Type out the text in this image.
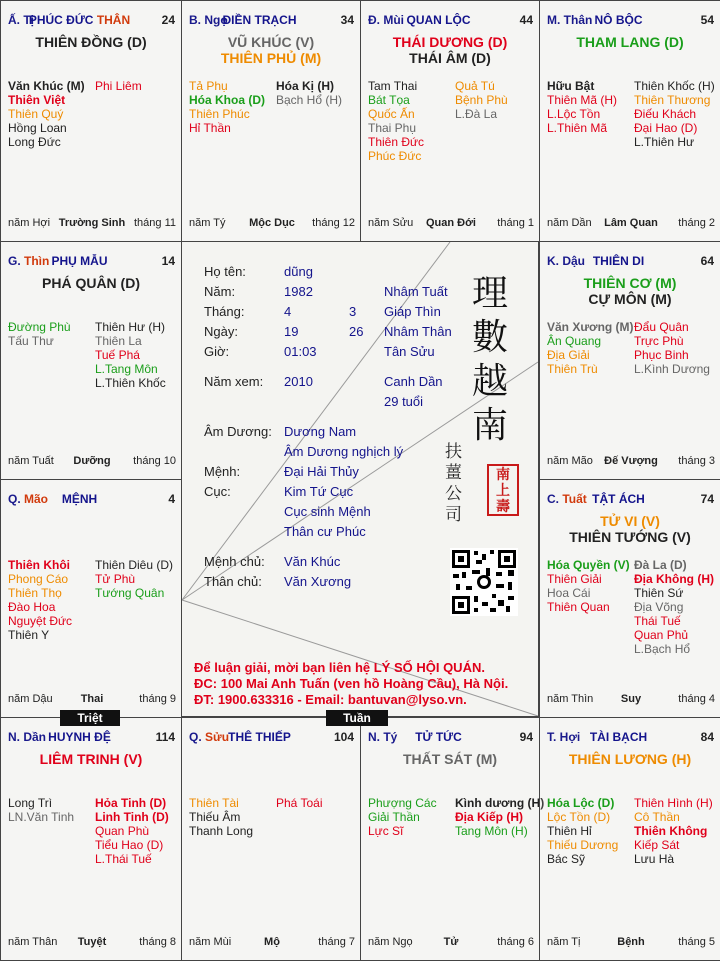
Ấ. Tị
PHÚC ĐỨC THÂN	24
THIÊN ĐỒNG (D)
Văn Khúc (M)
Thiên Việt
Thiên Quý
Hồng Loan
Long Đức
Phi Liêm
năm Hợi Trường Sinh tháng 11
B. Ngọ
ĐIỀN TRẠCH	34
VŨ KHÚC (V)
THIÊN PHỦ (M)
Tả Phụ
Hóa Khoa (D)
Thiên Phúc
Hỉ Thần
Hóa Kị (H)
Bạch Hổ (H)
năm Tý	Mộc Dục	tháng 12
Đ. Mùi QUAN LỘC	44
THÁI DƯƠNG (D)
THÁI ÂM (D)
Tam Thai
Bát Tọa
Quốc Ấn
Thai Phụ
Thiên Đức
Phúc Đức
Quả Tú
Bệnh Phù
L.Đà La
năm Sửu	Quan Đới	tháng 1
M. Thân NÔ BỘC	54
THAM LANG (D)
Hữu Bật
Thiên Mã (H)
L.Lộc Tồn
L.Thiên Mã
Thiên Khốc (H)
Thiên Thương
Điếu Khách
Đại Hao (D)
L.Thiên Hư
năm Dần	Lâm Quan	tháng 2
G. Thìn PHỤ MẪU	14
PHÁ QUÂN (D)
Đường Phù
Tấu Thư
Thiên Hư (H)
Thiên La
Tuế Phá
L.Tang Môn
L.Thiên Khốc
năm Tuất	Dưỡng	tháng 10
K. Dậu THIÊN DI	64
THIÊN CƠ (M)
CỰ MÔN (M)
Văn Xương (M)
Ân Quang
Địa Giải
Thiên Trù
Đẩu Quân
Trực Phù
Phục Binh
L.Kình Dương
năm Mão	Đế Vượng	tháng 3
Q. Mão	MỆNH	4
Thiên Khôi
Phong Cáo
Thiên Thọ
Đào Hoa
Nguyệt Đức
Thiên Y
Thiên Diêu (D)
Tử Phù
Tướng Quân
năm Dậu	Thai	tháng 9
C. Tuất TẬT ÁCH	74
TỬ VI (V)
THIÊN TƯỚNG (V)
Hóa Quyền (V)
Thiên Giải
Hoa Cái
Thiên Quan
Đà La (D)
Địa Không (H)
Thiên Sứ
Địa Võng
Thái Tuế
Quan Phủ
L.Bạch Hổ
năm Thìn	Suy	tháng 4
N. Dần HUYNH ĐỆ	114
LIÊM TRINH (V)
Long Trì
LN.Văn Tinh
Hỏa Tinh (D)
Linh Tinh (D)
Quan Phù
Tiểu Hao (D)
L.Thái Tuế
năm Thân	Tuyệt	tháng 8
Q. Sửu THÊ THIẾP	104
Thiên Tài
Thiếu Âm
Thanh Long
Phá Toái
năm Mùi	Mộ	tháng 7
N. Tý	TỬ TỨC	94
THẤT SÁT (M)
Phượng Các
Giải Thần
Lực Sĩ
Kình dương (H)
Địa Kiếp (H)
Tang Môn (H)
năm Ngọ	Tử	tháng 6
T. Hợi TÀI BẠCH	84
THIÊN LƯƠNG (H)
Hóa Lộc (D)
Lộc Tồn (D)
Thiên Hỉ
Thiếu Dương
Bác Sỹ
Thiên Hình (H)
Cô Thần
Thiên Không
Kiếp Sát
Lưu Hà
năm Tị	Bệnh	tháng 5
Họ tên:	dũng
Năm:	1982	Nhâm Tuất
Tháng:	4	3 Giáp Thìn
Ngày:	19	26 Nhâm Thân
Giờ:	01:03	Tân Sửu
Năm xem: 2010	Canh Dần
29 tuổi
Âm Dương: Dương Nam
Âm Dương nghịch lý
Mệnh:	Đại Hải Thủy
Cục:	Kim Tứ Cục
Cục sinh Mệnh
Thân cư Phúc
Mệnh chủ: Văn Khúc
Thân chủ: Văn Xương
理
數
越
南
扶
薑
公
司
南
上
壽
Để luận giải, mời bạn liên hệ LÝ SỐ HỘI QUÁN.
ĐC: 100 Mai Anh Tuấn (ven hồ Hoàng Cầu), Hà Nội.
ĐT: 1900.633316 - Email: bantuvan@lyso.vn.
Triệt	Tuần
